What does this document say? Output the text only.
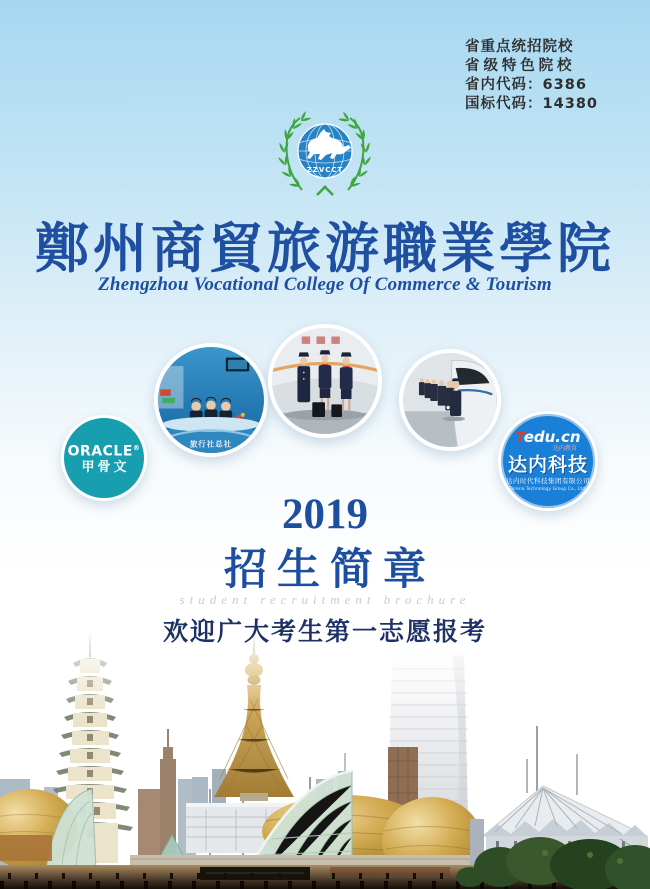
省重点统招院校
省级特色院校
省内代码：6386
国标代码：14380
ZZVCCT
鄭州商貿旅游職業學院
Zhengzhou Vocational College Of Commerce & Tourism
ORACLE®
甲骨文
旅行社总社	Tedu.cn
达内教育
达内科技
达内时代科技集团有限公司
Tarena Technology Group Co., Ltd.
2019
招生简章
student recruitment brochure
欢迎广大考生第一志愿报考
